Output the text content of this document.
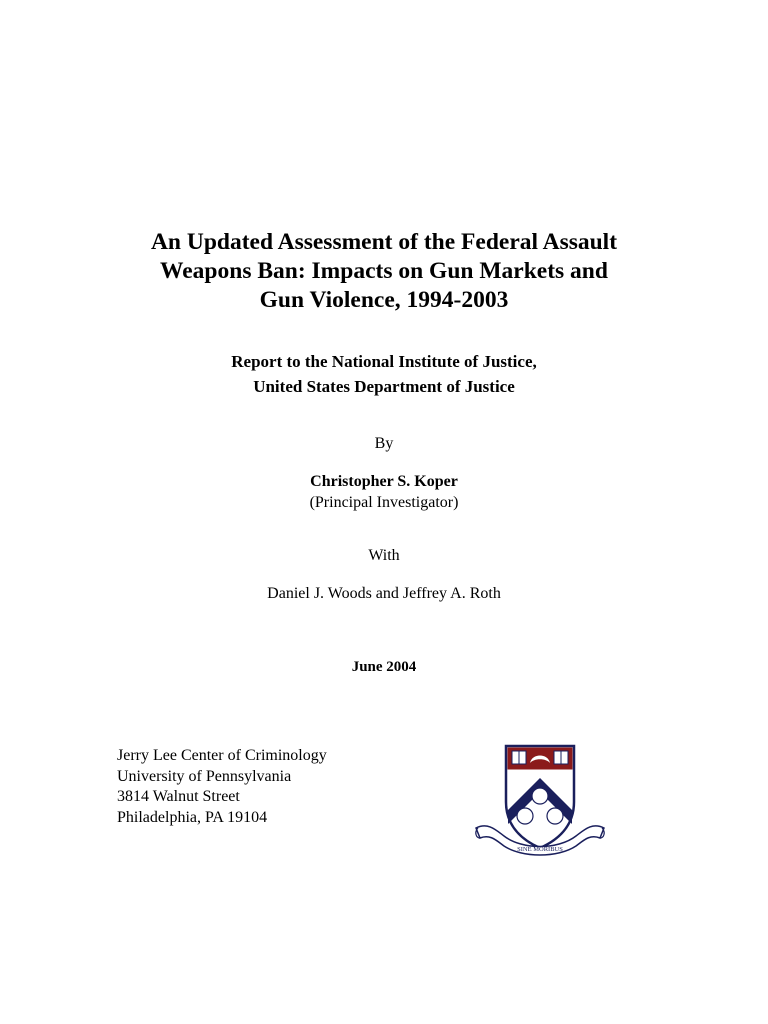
An Updated Assessment of the Federal Assault
Weapons Ban: Impacts on Gun Markets and
Gun Violence, 1994-2003
Report to the National Institute of Justice,
United States Department of Justice
By
Christopher S. Koper
(Principal Investigator)
With
Daniel J. Woods and Jeffrey A. Roth
June 2004
Jerry Lee Center of Criminology
University of Pennsylvania
3814 Walnut Street
Philadelphia, PA 19104
SINE MORIBUS
